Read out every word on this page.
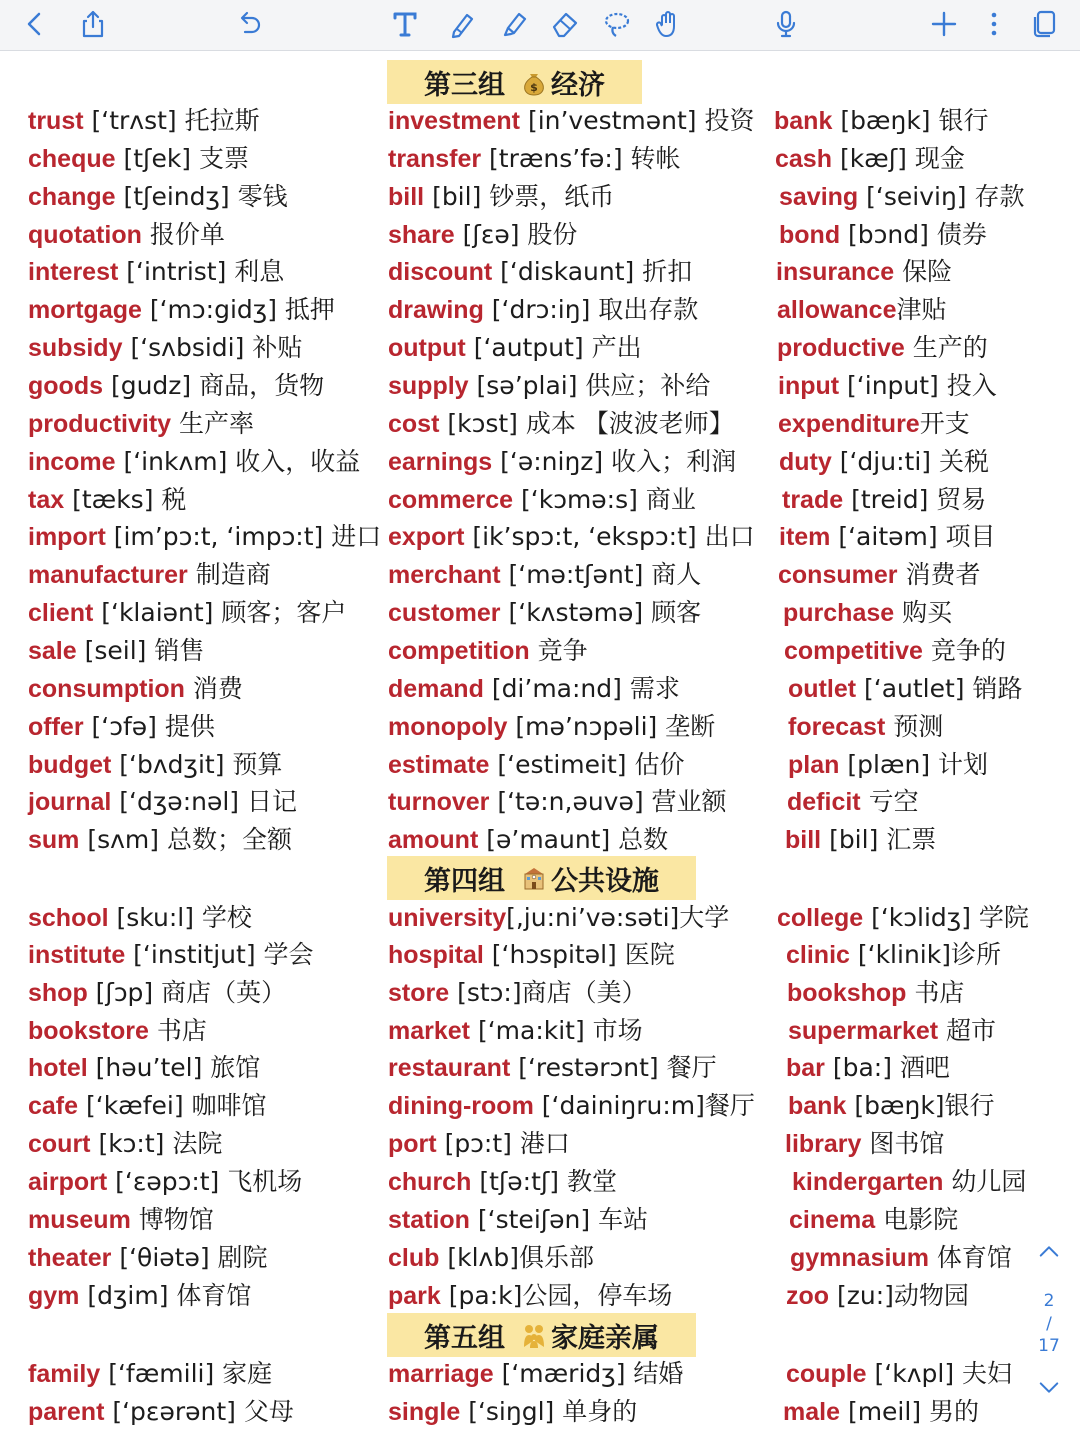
第三组 $ 经济
第四组 公共设施
第五组 家庭亲属
trust [‘trʌst] 托拉斯
cheque [tʃek] 支票
change [tʃeindʒ] 零钱
quotation 报价单
interest [‘intrist] 利息
mortgage [‘mɔ:gidʒ] 抵押
subsidy [‘sʌbsidi] 补贴
goods [gudz] 商品，货物
productivity 生产率
income [‘inkʌm] 收入，收益
tax [tæks] 税
import [im’pɔ:t, ‘impɔ:t] 进口
manufacturer 制造商
client [‘klaiənt] 顾客；客户
sale [seil] 销售
consumption 消费
offer [‘ɔfə] 提供
budget [‘bʌdʒit] 预算
journal [‘dʒə:nəl] 日记
sum [sʌm] 总数；全额
investment [in’vestmənt] 投资
transfer [træns’fə:] 转帐
bill [bil] 钞票，纸币
share [ʃεə] 股份
discount [‘diskaunt] 折扣
drawing [‘drɔ:iŋ] 取出存款
output [‘autput] 产出
supply [sə’plai] 供应；补给
cost [kɔst] 成本 【波波老师】
earnings [‘ə:niŋz] 收入；利润
commerce [‘kɔmə:s] 商业
export [ik’spɔ:t, ‘ekspɔ:t] 出口
merchant [‘mə:tʃənt] 商人
customer [‘kʌstəmə] 顾客
competition 竞争
demand [di’ma:nd] 需求
monopoly [mə’nɔpəli] 垄断
estimate [‘estimeit] 估价
turnover [‘tə:n,əuvə] 营业额
amount [ə’maunt] 总数
bank [bæŋk] 银行
cash [kæʃ] 现金
saving [‘seiviŋ] 存款
bond [bɔnd] 债券
insurance 保险
allowance津贴
productive 生产的
input [‘input] 投入
expenditure开支
duty [‘dju:ti] 关税
trade [treid] 贸易
item [‘aitəm] 项目
consumer 消费者
purchase 购买
competitive 竞争的
outlet [‘autlet] 销路
forecast 预测
plan [plæn] 计划
deficit 亏空
bill [bil] 汇票
school [sku:l] 学校
institute [‘institjut] 学会
shop [ʃɔp] 商店（英）
bookstore 书店
hotel [həu’tel] 旅馆
cafe [‘kæfei] 咖啡馆
court [kɔ:t] 法院
airport [‘εəpɔ:t] 飞机场
museum 博物馆
theater [‘θiətə] 剧院
gym [dʒim] 体育馆
university[,ju:ni’və:səti]大学
hospital [‘hɔspitəl] 医院
store [stɔ:]商店（美）
market [‘ma:kit] 市场
restaurant [‘restərɔnt] 餐厅
dining-room [‘dainiŋru:m]餐厅
port [pɔ:t] 港口
church [tʃə:tʃ] 教堂
station [‘steiʃən] 车站
club [klʌb]俱乐部
park [pa:k]公园，停车场
college [‘kɔlidʒ] 学院
clinic [‘klinik]诊所
bookshop 书店
supermarket 超市
bar [ba:] 酒吧
bank [bæŋk]银行
library 图书馆
kindergarten 幼儿园
cinema 电影院
gymnasium 体育馆
zoo [zu:]动物园
family [‘fæmili] 家庭
parent [‘pεərənt] 父母
marriage [‘mæridʒ] 结婚
single [‘siŋgl] 单身的
couple [‘kʌpl] 夫妇
male [meil] 男的
2
/
17
